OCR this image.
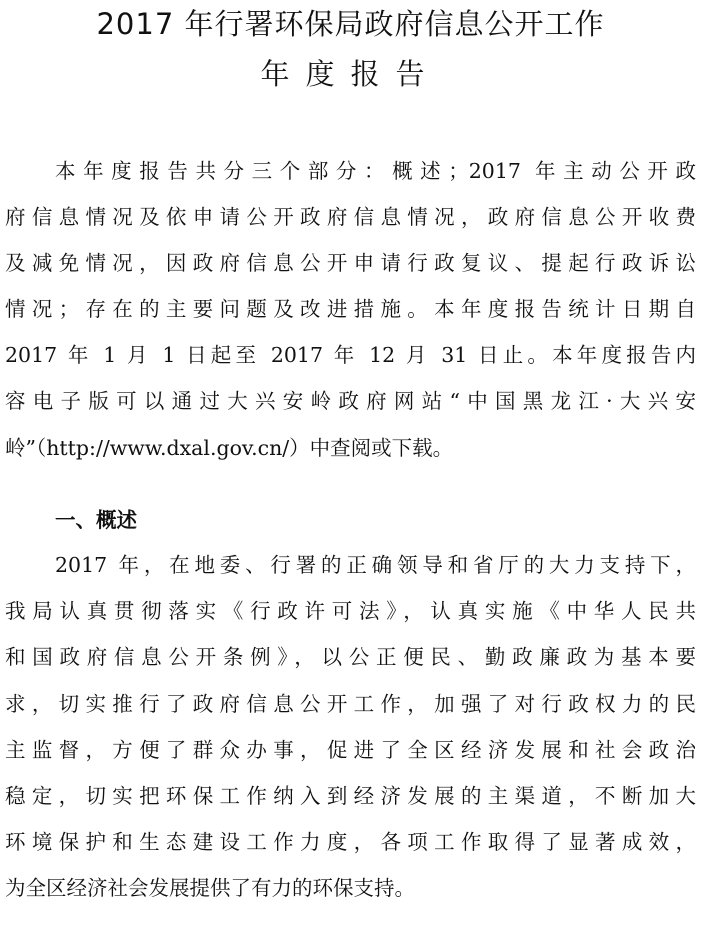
2017 年行署环保局政府信息公开工作
年度报告
本年度报告共分三个部分：概述；2017 年主动公开政
府信息情况及依申请公开政府信息情况，政府信息公开收费
及减免情况，因政府信息公开申请行政复议、提起行政诉讼
情况；存在的主要问题及改进措施。本年度报告统计日期自
2017 年 1 月 1 日起至 2017 年 12 月 31 日止。本年度报告内
容电子版可以通过大兴安岭政府网站“中国黑龙江·大兴安
岭”（http://www.dxal.gov.cn/）中查阅或下载。
一、概述
2017 年，在地委、行署的正确领导和省厅的大力支持下，
我局认真贯彻落实《行政许可法》，认真实施《中华人民共
和国政府信息公开条例》，以公正便民、勤政廉政为基本要
求，切实推行了政府信息公开工作，加强了对行政权力的民
主监督，方便了群众办事，促进了全区经济发展和社会政治
稳定，切实把环保工作纳入到经济发展的主渠道，不断加大
环境保护和生态建设工作力度，各项工作取得了显著成效，
为全区经济社会发展提供了有力的环保支持。
